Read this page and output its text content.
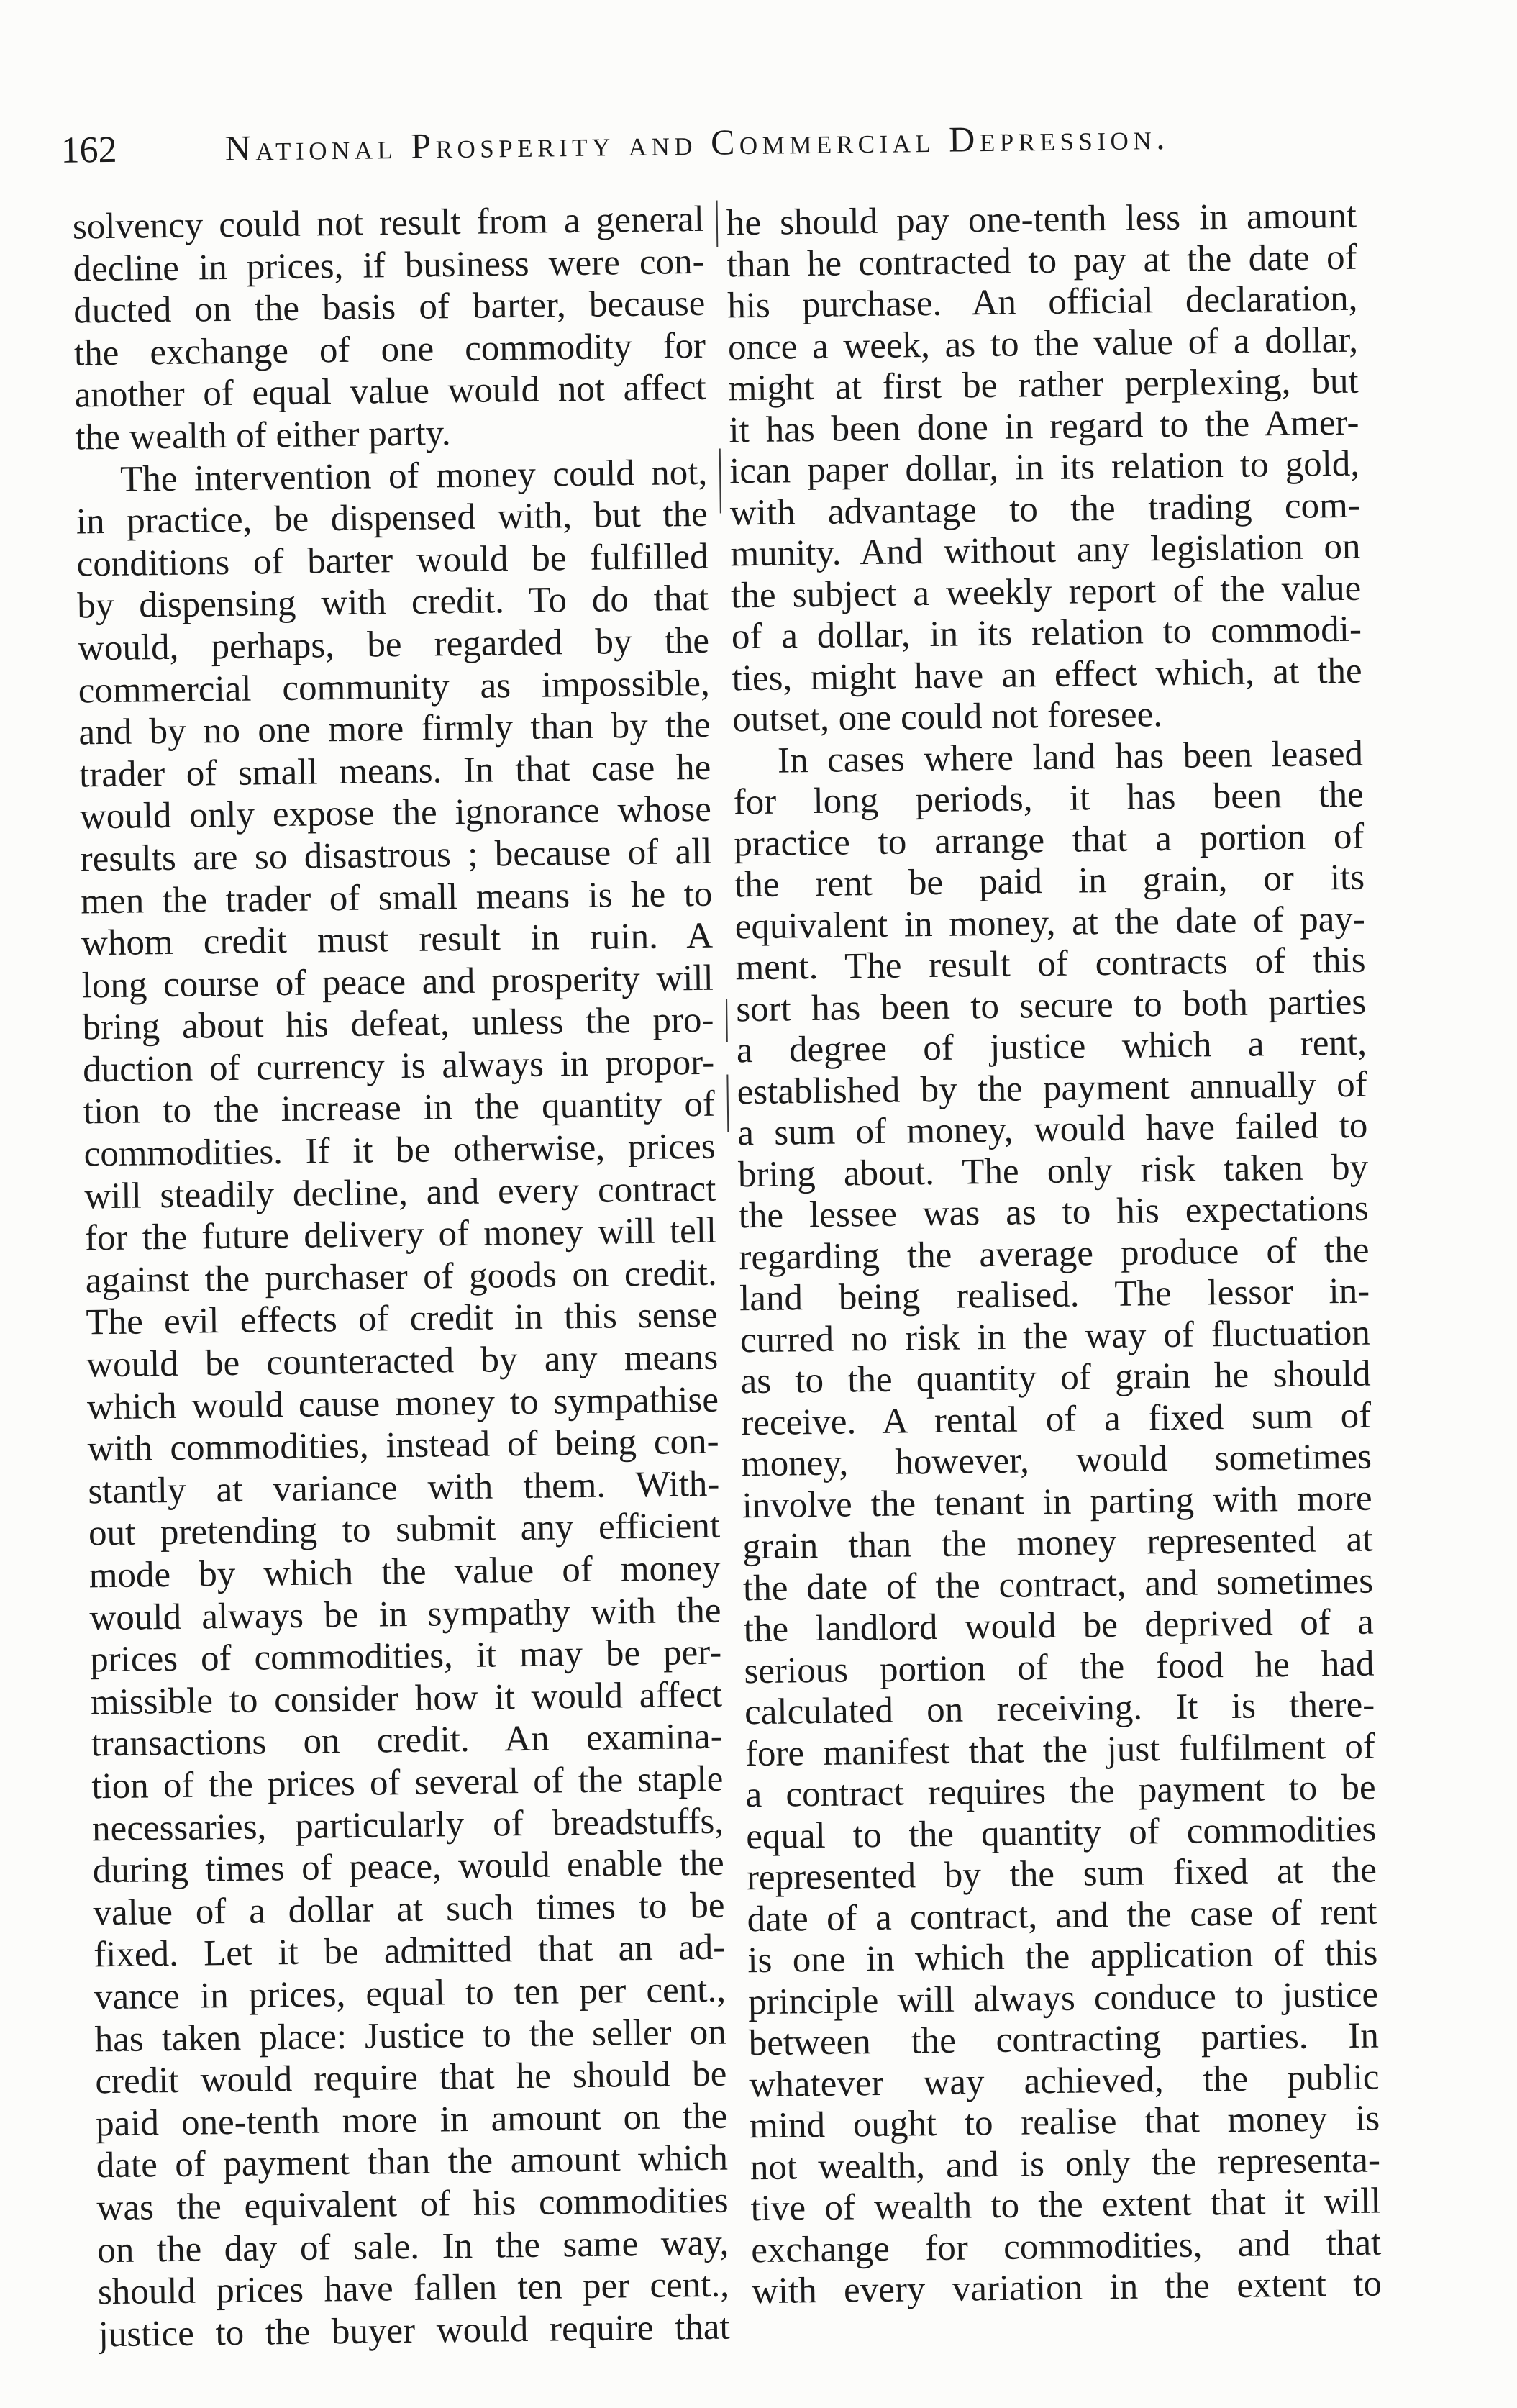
162	National Prosperity and Commercial Depression.
solvency could not result from a general
decline in prices, if business were con-
ducted on the basis of barter, because
the exchange of one commodity for
another of equal value would not affect
the wealth of either party.
The intervention of money could not,
in practice, be dispensed with, but the
conditions of barter would be fulfilled
by dispensing with credit. To do that
would, perhaps, be regarded by the
commercial community as impossible,
and by no one more firmly than by the
trader of small means. In that case he
would only expose the ignorance whose
results are so disastrous ; because of all
men the trader of small means is he to
whom credit must result in ruin. A
long course of peace and prosperity will
bring about his defeat, unless the pro-
duction of currency is always in propor-
tion to the increase in the quantity of
commodities. If it be otherwise, prices
will steadily decline, and every contract
for the future delivery of money will tell
against the purchaser of goods on credit.
The evil effects of credit in this sense
would be counteracted by any means
which would cause money to sympathise
with commodities, instead of being con-
stantly at variance with them. With-
out pretending to submit any efficient
mode by which the value of money
would always be in sympathy with the
prices of commodities, it may be per-
missible to consider how it would affect
transactions on credit. An examina-
tion of the prices of several of the staple
necessaries, particularly of breadstuffs,
during times of peace, would enable the
value of a dollar at such times to be
fixed. Let it be admitted that an ad-
vance in prices, equal to ten per cent.,
has taken place: Justice to the seller on
credit would require that he should be
paid one-tenth more in amount on the
date of payment than the amount which
was the equivalent of his commodities
on the day of sale. In the same way,
should prices have fallen ten per cent.,
justice to the buyer would require that
he should pay one-tenth less in amount
than he contracted to pay at the date of
his purchase. An official declaration,
once a week, as to the value of a dollar,
might at first be rather perplexing, but
it has been done in regard to the Amer-
ican paper dollar, in its relation to gold,
with advantage to the trading com-
munity. And without any legislation on
the subject a weekly report of the value
of a dollar, in its relation to commodi-
ties, might have an effect which, at the
outset, one could not foresee.
In cases where land has been leased
for long periods, it has been the
practice to arrange that a portion of
the rent be paid in grain, or its
equivalent in money, at the date of pay-
ment. The result of contracts of this
sort has been to secure to both parties
a degree of justice which a rent,
established by the payment annually of
a sum of money, would have failed to
bring about. The only risk taken by
the lessee was as to his expectations
regarding the average produce of the
land being realised. The lessor in-
curred no risk in the way of fluctuation
as to the quantity of grain he should
receive. A rental of a fixed sum of
money, however, would sometimes
involve the tenant in parting with more
grain than the money represented at
the date of the contract, and sometimes
the landlord would be deprived of a
serious portion of the food he had
calculated on receiving. It is there-
fore manifest that the just fulfilment of
a contract requires the payment to be
equal to the quantity of commodities
represented by the sum fixed at the
date of a contract, and the case of rent
is one in which the application of this
principle will always conduce to justice
between the contracting parties. In
whatever way achieved, the public
mind ought to realise that money is
not wealth, and is only the representa-
tive of wealth to the extent that it will
exchange for commodities, and that
with every variation in the extent to
